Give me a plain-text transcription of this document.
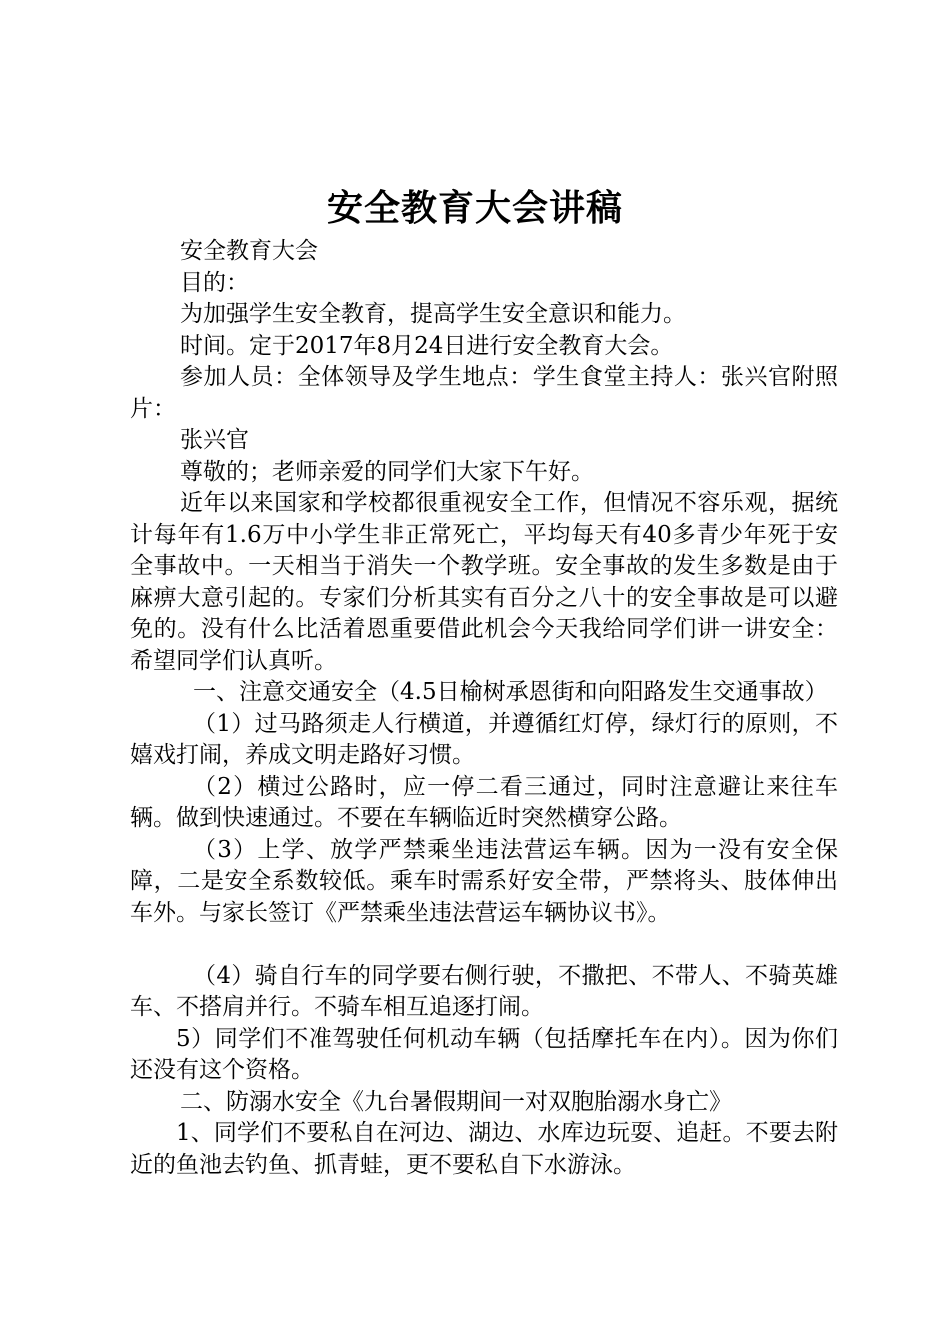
安全教育大会讲稿

安全教育大会

目的：

为加强学生安全教育，提高学生安全意识和能力。

时间。定于2017年8月24日进行安全教育大会。

参加人员：全体领导及学生地点：学生食堂主持人：张兴官附照片：

张兴官

尊敬的；老师亲爱的同学们大家下午好。

近年以来国家和学校都很重视安全工作，但情况不容乐观，据统计每年有1.6万中小学生非正常死亡，平均每天有40多青少年死于安全事故中。一天相当于消失一个教学班。安全事故的发生多数是由于麻痹大意引起的。专家们分析其实有百分之八十的安全事故是可以避免的。没有什么比活着恩重要借此机会今天我给同学们讲一讲安全：希望同学们认真听。

一、注意交通安全（4.5日榆树承恩街和向阳路发生交通事故）

（1）过马路须走人行横道，并遵循红灯停，绿灯行的原则，不嬉戏打闹，养成文明走路好习惯。

（2）横过公路时，应一停二看三通过，同时注意避让来往车辆。做到快速通过。不要在车辆临近时突然横穿公路。

（3）上学、放学严禁乘坐违法营运车辆。因为一没有安全保障，二是安全系数较低。乘车时需系好安全带，严禁将头、肢体伸出车外。与家长签订《严禁乘坐违法营运车辆协议书》。

（4）骑自行车的同学要右侧行驶，不撒把、不带人、不骑英雄车、不搭肩并行。不骑车相互追逐打闹。

5）同学们不准驾驶任何机动车辆（包括摩托车在内）。因为你们还没有这个资格。

二、防溺水安全《九台暑假期间一对双胞胎溺水身亡》

1、同学们不要私自在河边、湖边、水库边玩耍、追赶。不要去附近的鱼池去钓鱼、抓青蛙，更不要私自下水游泳。
